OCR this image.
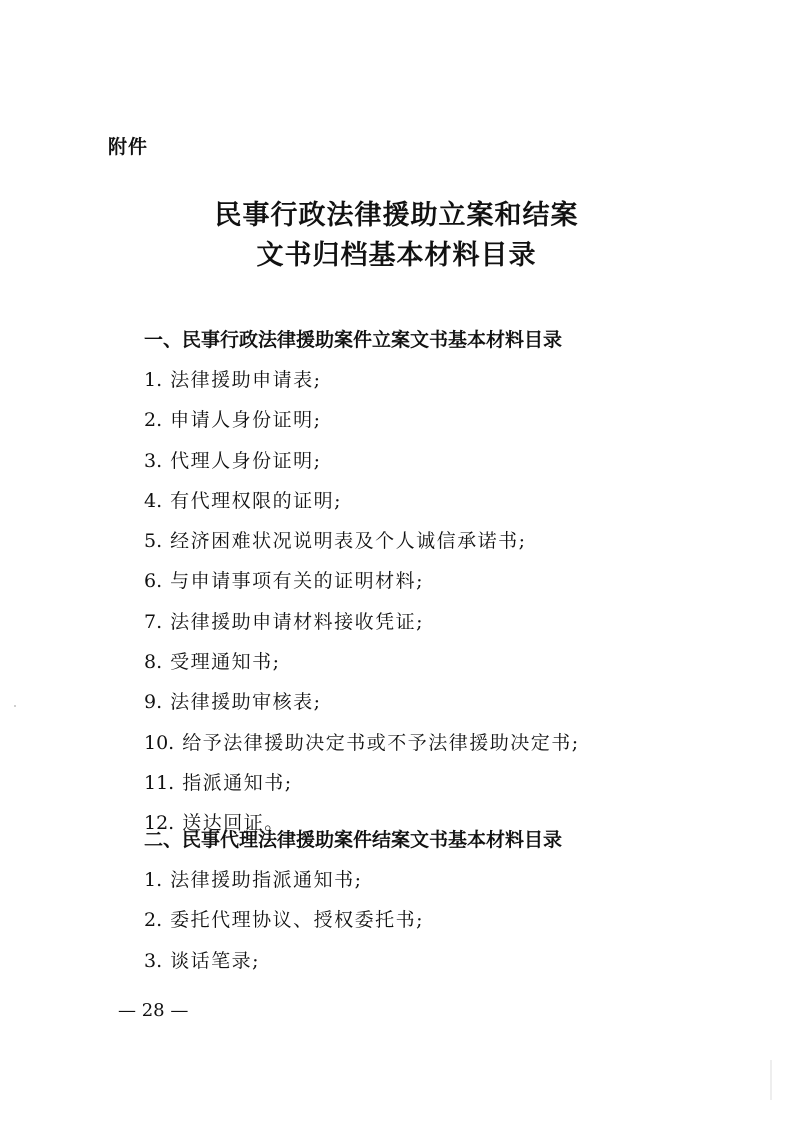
附件
民事行政法律援助立案和结案
文书归档基本材料目录
一、民事行政法律援助案件立案文书基本材料目录
1. 法律援助申请表;
2. 申请人身份证明;
3. 代理人身份证明;
4. 有代理权限的证明;
5. 经济困难状况说明表及个人诚信承诺书;
6. 与申请事项有关的证明材料;
7. 法律援助申请材料接收凭证;
8. 受理通知书;
9. 法律援助审核表;
10. 给予法律援助决定书或不予法律援助决定书;
11. 指派通知书;
12. 送达回证。
二、民事代理法律援助案件结案文书基本材料目录
1. 法律援助指派通知书;
2. 委托代理协议、授权委托书;
3. 谈话笔录;
— 28 —
